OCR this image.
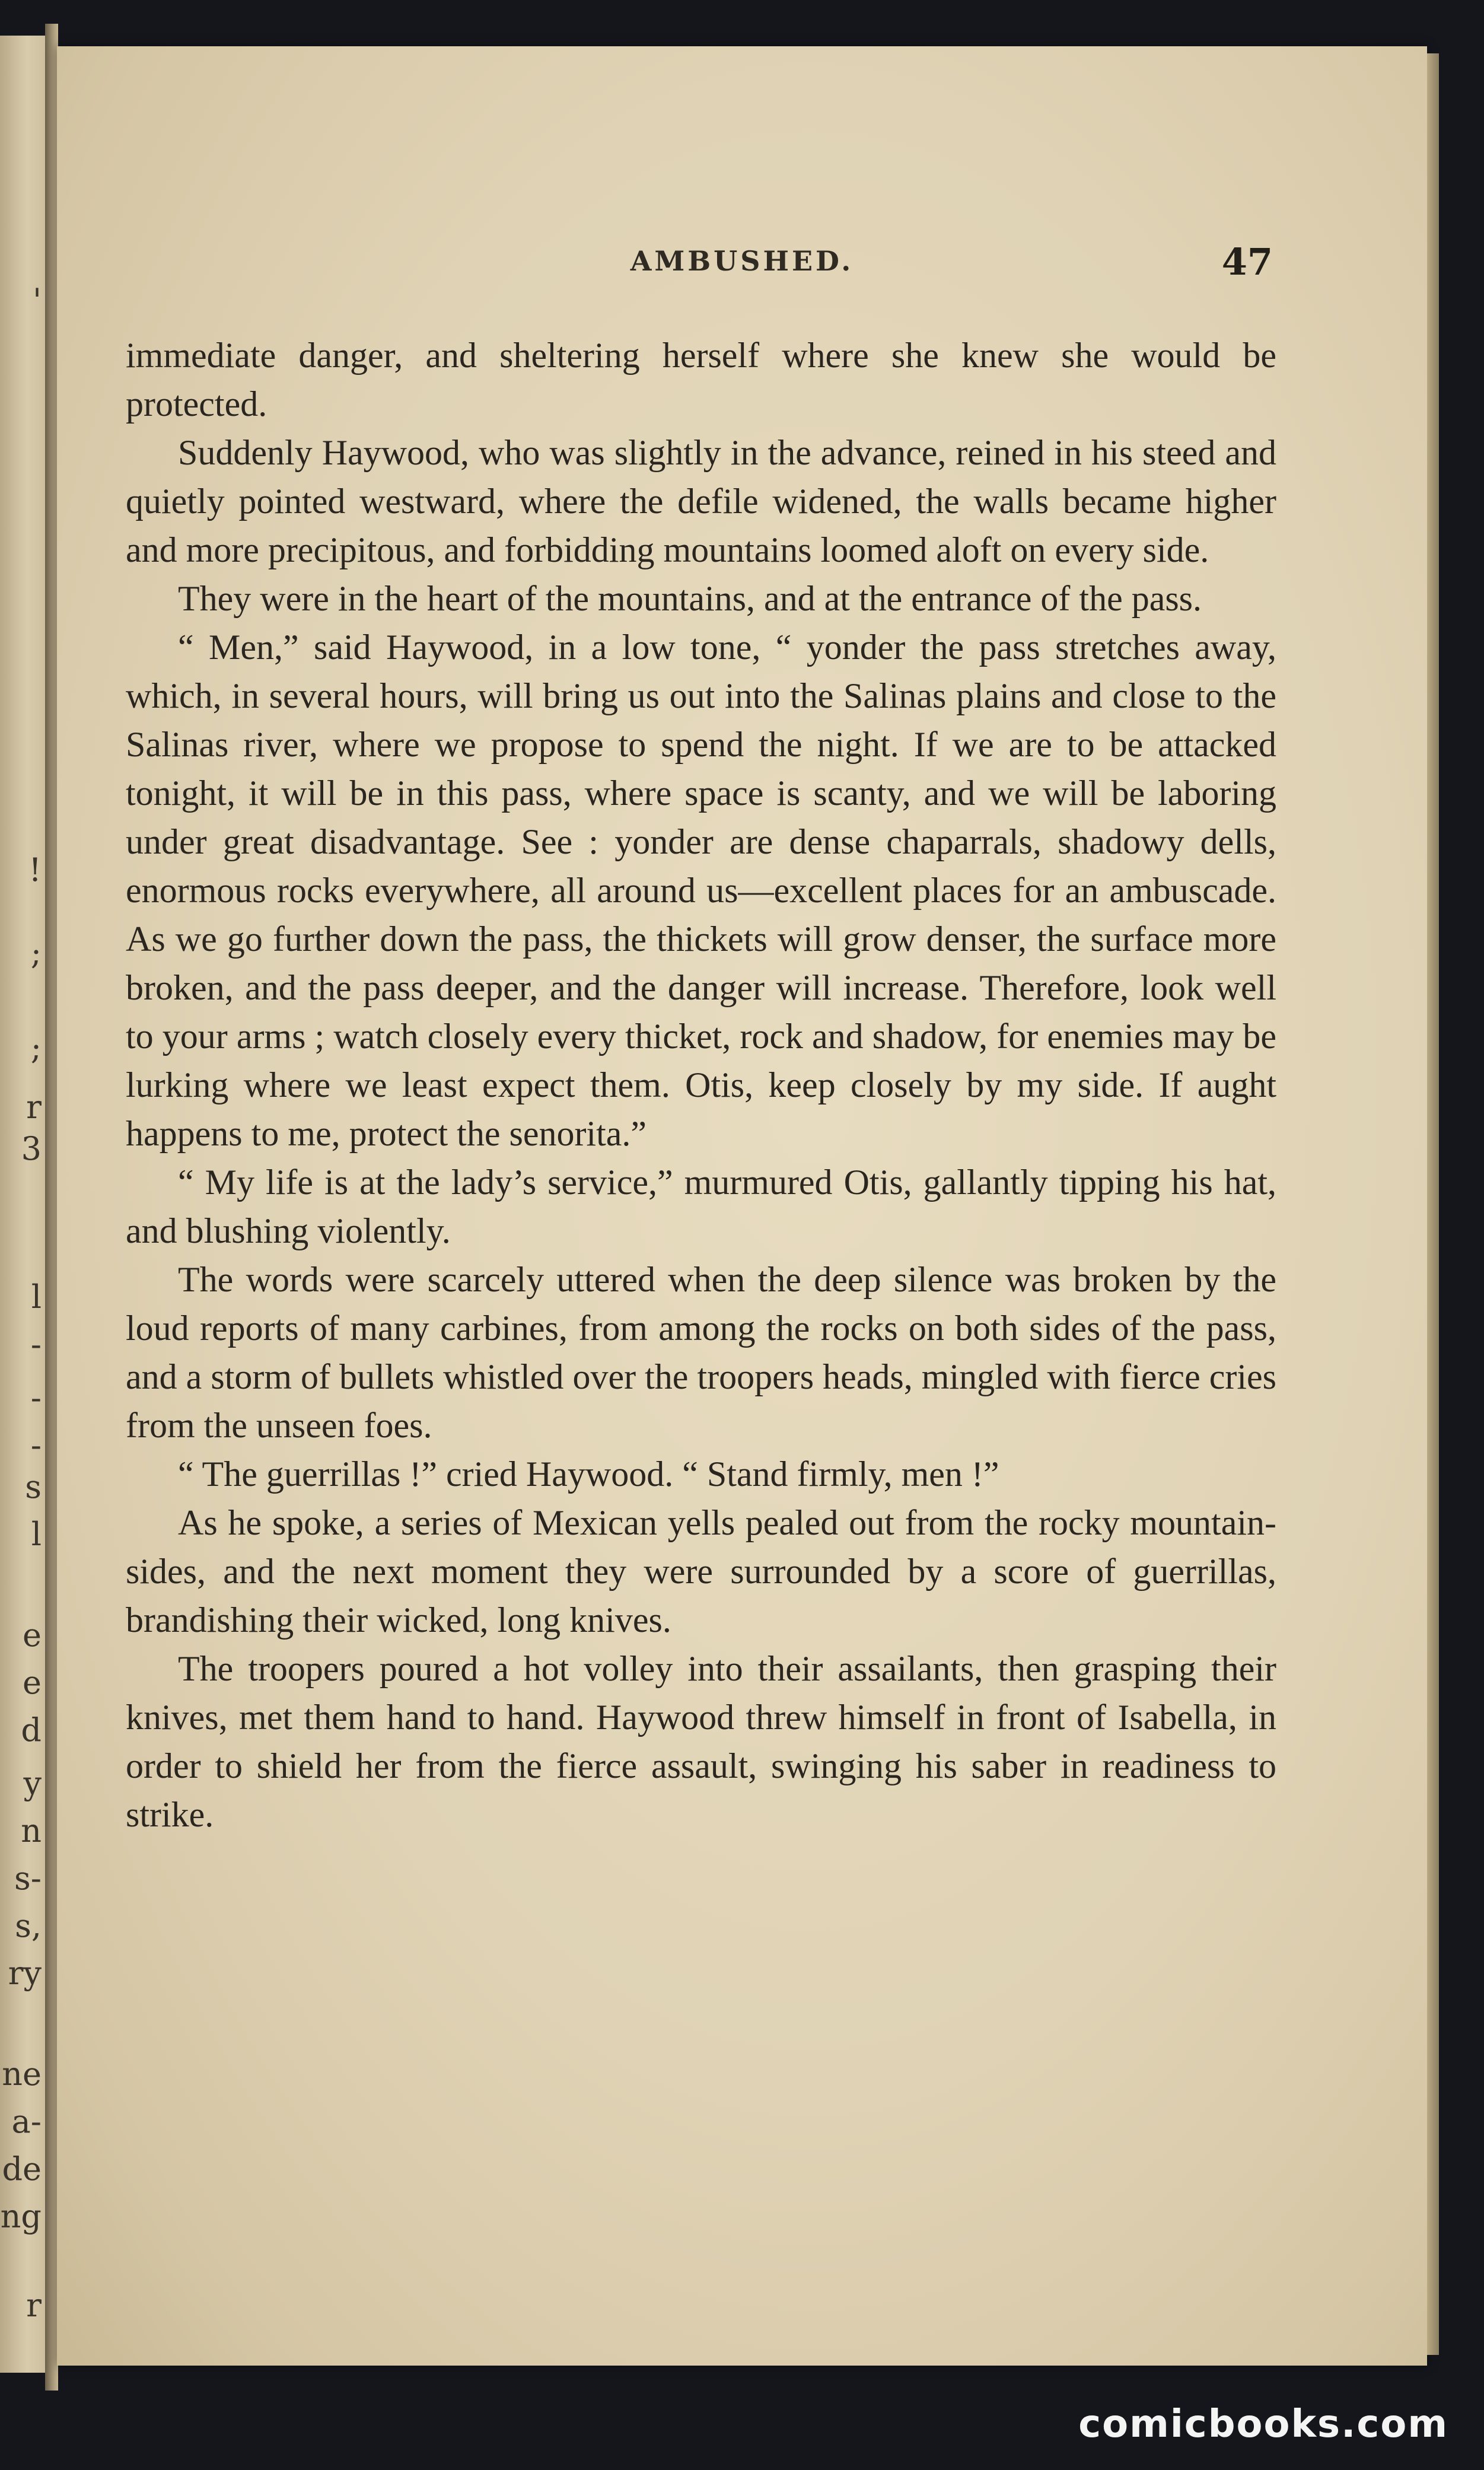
'
!
;
;
r
3
l
-
-
-
s
l
e
e
d
y
n
s-
s,
ry
ne
a-
de
ng
r
AMBUSHED.	47

immediate danger, and sheltering herself where she knew she would be protected.

Suddenly Haywood, who was slightly in the advance, reined in his steed and quietly pointed westward, where the defile widened, the walls became higher and more precipitous, and forbidding mountains loomed aloft on every side.

They were in the heart of the mountains, and at the entrance of the pass.

“ Men,” said Haywood, in a low tone, “ yonder the pass stretches away, which, in several hours, will bring us out into the Salinas plains and close to the Salinas river, where we propose to spend the night. If we are to be attacked tonight, it will be in this pass, where space is scanty, and we will be laboring under great disadvantage. See : yonder are dense chaparrals, shadowy dells, enormous rocks everywhere, all around us—excellent places for an ambuscade. As we go further down the pass, the thickets will grow denser, the surface more broken, and the pass deeper, and the danger will increase. Therefore, look well to your arms ; watch closely every thicket, rock and shadow, for enemies may be lurking where we least expect them. Otis, keep closely by my side. If aught happens to me, protect the senorita.”

“ My life is at the lady’s service,” murmured Otis, gallantly tipping his hat, and blushing violently.

The words were scarcely uttered when the deep silence was broken by the loud reports of many carbines, from among the rocks on both sides of the pass, and a storm of bullets whistled over the troopers heads, mingled with fierce cries from the unseen foes.

“ The guerrillas !” cried Haywood. “ Stand firmly, men !”

As he spoke, a series of Mexican yells pealed out from the rocky mountain-sides, and the next moment they were surrounded by a score of guerrillas, brandishing their wicked, long knives.

The troopers poured a hot volley into their assailants, then grasping their knives, met them hand to hand. Haywood threw himself in front of Isabella, in order to shield her from the fierce assault, swinging his saber in readiness to strike.

comicbooks.com
